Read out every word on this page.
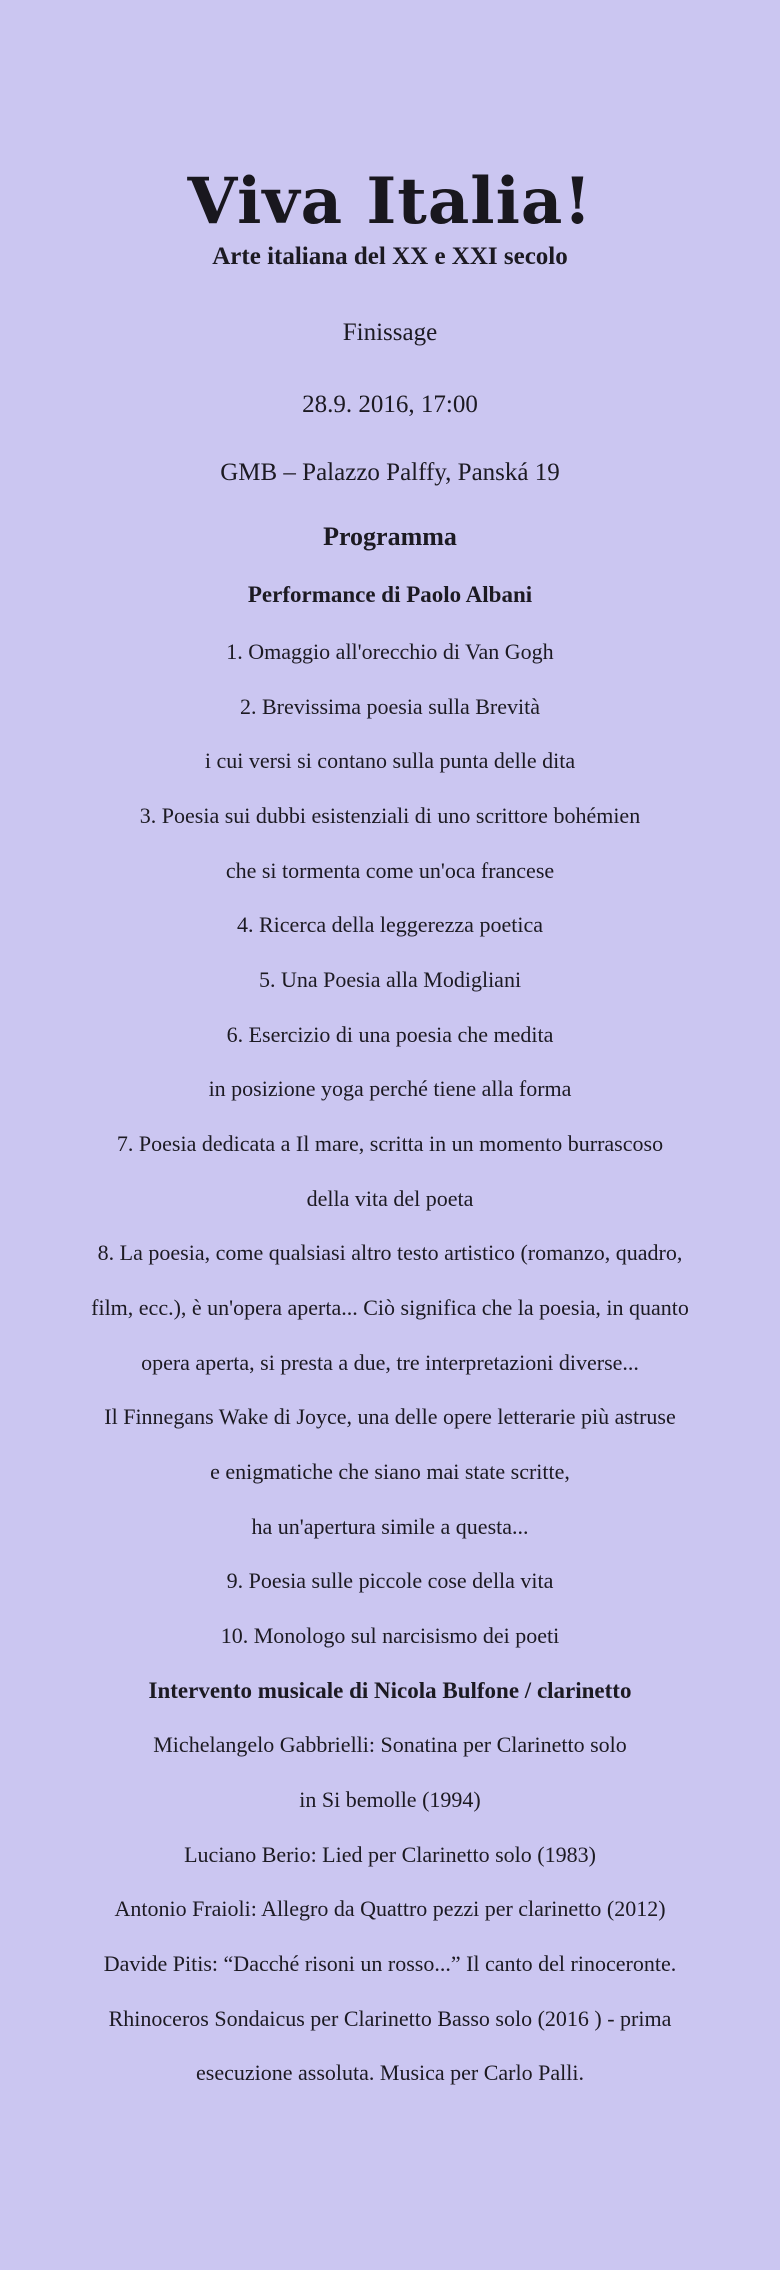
Viva Italia!
Arte italiana del XX e XXI secolo
Finissage
28.9. 2016, 17:00
GMB – Palazzo Palffy, Panská 19
Programma
Performance di Paolo Albani
1. Omaggio all'orecchio di Van Gogh
2. Brevissima poesia sulla Brevità
i cui versi si contano sulla punta delle dita
3. Poesia sui dubbi esistenziali di uno scrittore bohémien
che si tormenta come un'oca francese
4. Ricerca della leggerezza poetica
5. Una Poesia alla Modigliani
6. Esercizio di una poesia che medita
in posizione yoga perché tiene alla forma
7. Poesia dedicata a Il mare, scritta in un momento burrascoso
della vita del poeta
8. La poesia, come qualsiasi altro testo artistico (romanzo, quadro,
film, ecc.), è un'opera aperta... Ciò significa che la poesia, in quanto
opera aperta, si presta a due, tre interpretazioni diverse...
Il Finnegans Wake di Joyce, una delle opere letterarie più astruse
e enigmatiche che siano mai state scritte,
ha un'apertura simile a questa...
9. Poesia sulle piccole cose della vita
10. Monologo sul narcisismo dei poeti
Intervento musicale di Nicola Bulfone / clarinetto
Michelangelo Gabbrielli: Sonatina per Clarinetto solo
in Si bemolle (1994)
Luciano Berio: Lied per Clarinetto solo (1983)
Antonio Fraioli: Allegro da Quattro pezzi per clarinetto (2012)
Davide Pitis: “Dacché risoni un rosso...” Il canto del rinoceronte.
Rhinoceros Sondaicus per Clarinetto Basso solo (2016 ) - prima
esecuzione assoluta. Musica per Carlo Palli.
